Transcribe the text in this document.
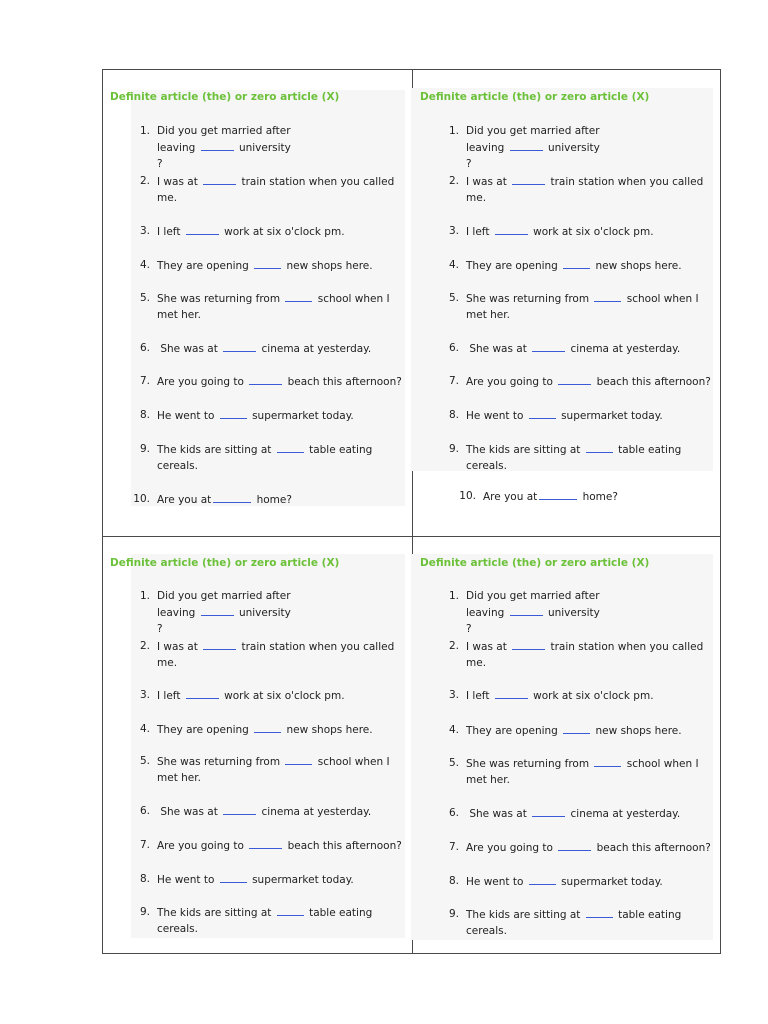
Definite article (the) or zero article (X)
1. Did you get married after leaving	university ?
2. I was at	train station when you called me.
3. I left	work at six o'clock pm.
4. They are opening	new shops here.
5. She was returning from	school when I met her.
6. She was at	cinema at yesterday.
7. Are you going to	beach this afternoon?
8. He went to	supermarket today.
9. The kids are sitting at	table eating cereals.
10. Are you at	home?
Definite article (the) or zero article (X)
1. Did you get married after leaving	university ?
2. I was at	train station when you called me.
3. I left	work at six o'clock pm.
4. They are opening	new shops here.
5. She was returning from	school when I met her.
6. She was at	cinema at yesterday.
7. Are you going to	beach this afternoon?
8. He went to	supermarket today.
9. The kids are sitting at	table eating cereals.
10. Are you at	home?
Definite article (the) or zero article (X)
1. Did you get married after leaving	university ?
2. I was at	train station when you called me.
3. I left	work at six o'clock pm.
4. They are opening	new shops here.
5. She was returning from	school when I met her.
6. She was at	cinema at yesterday.
7. Are you going to	beach this afternoon?
8. He went to	supermarket today.
9. The kids are sitting at	table eating cereals.
Definite article (the) or zero article (X)
1. Did you get married after leaving	university ?
2. I was at	train station when you called me.
3. I left	work at six o'clock pm.
4. They are opening	new shops here.
5. She was returning from	school when I met her.
6. She was at	cinema at yesterday.
7. Are you going to	beach this afternoon?
8. He went to	supermarket today.
9. The kids are sitting at	table eating cereals.
